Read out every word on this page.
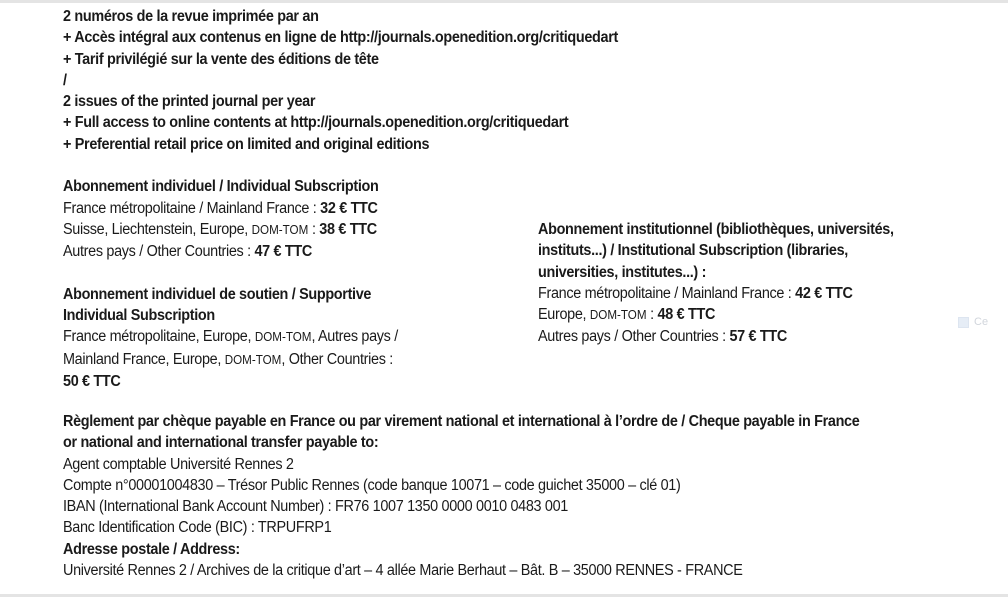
2 numéros de la revue imprimée par an
+ Accès intégral aux contenus en ligne de http://journals.openedition.org/critiquedart
+ Tarif privilégié sur la vente des éditions de tête
/
2 issues of the printed journal per year
+ Full access to online contents at http://journals.openedition.org/critiquedart
+ Preferential retail price on limited and original editions
Abonnement individuel / Individual Subscription
France métropolitaine / Mainland France : 32 € TTC
Suisse, Liechtenstein, Europe, DOM-TOM : 38 € TTC
Autres pays / Other Countries : 47 € TTC
Abonnement individuel de soutien / Supportive
Individual Subscription
France métropolitaine, Europe, DOM-TOM, Autres pays /
Mainland France, Europe, DOM-TOM, Other Countries :
50 € TTC
Abonnement institutionnel (bibliothèques, universités,
instituts...) / Institutional Subscription (libraries,
universities, institutes...) :
France métropolitaine / Mainland France : 42 € TTC
Europe, DOM-TOM : 48 € TTC
Autres pays / Other Countries : 57 € TTC
Règlement par chèque payable en France ou par virement national et international à l’ordre de / Cheque payable in France
or national and international transfer payable to:
Agent comptable Université Rennes 2
Compte n°00001004830 – Trésor Public Rennes (code banque 10071 – code guichet 35000 – clé 01)
IBAN (International Bank Account Number) : FR76 1007 1350 0000 0010 0483 001
Banc Identification Code (BIC) : TRPUFRP1
Adresse postale / Address:
Université Rennes 2 / Archives de la critique d’art – 4 allée Marie Berhaut – Bât. B – 35000 RENNES - FRANCE
Ce
